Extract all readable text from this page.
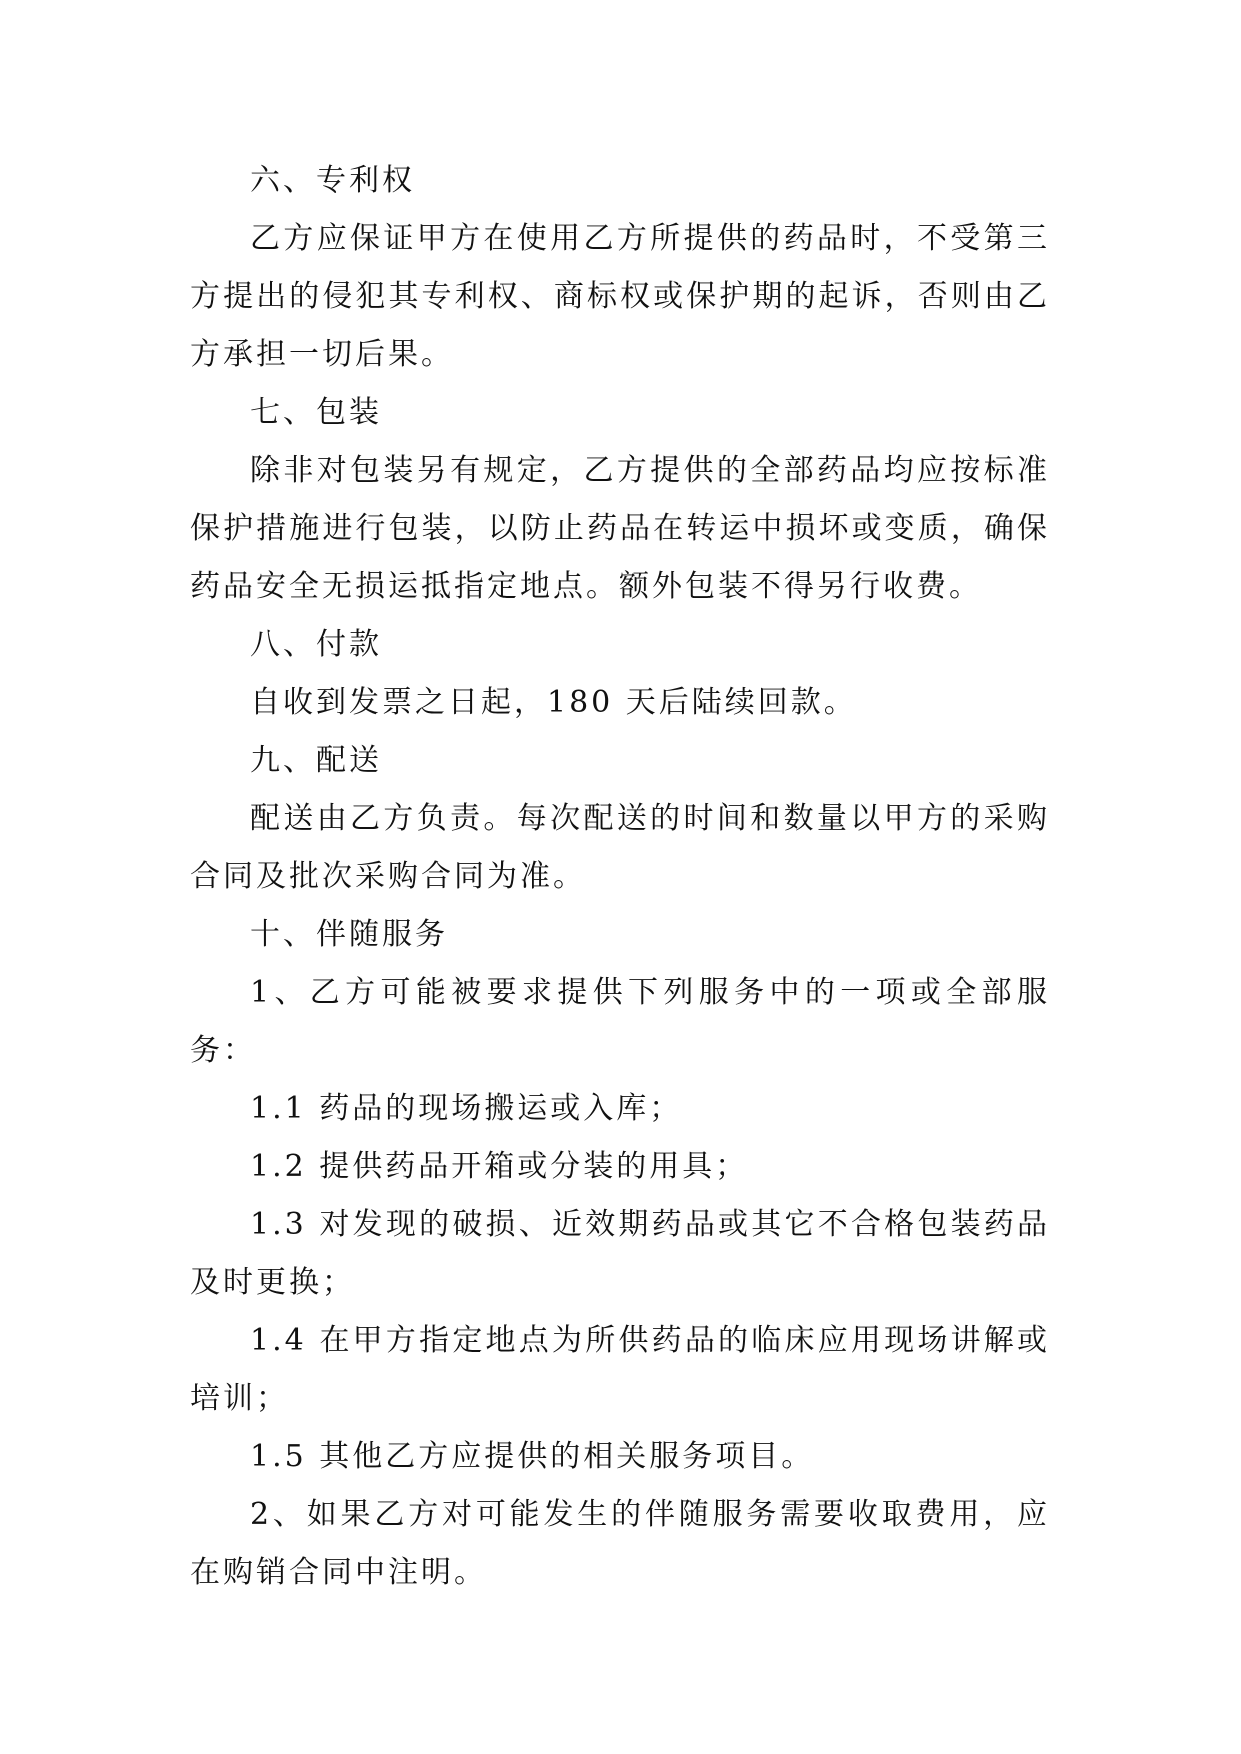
六、专利权

乙方应保证甲方在使用乙方所提供的药品时，不受第三方提出的侵犯其专利权、商标权或保护期的起诉，否则由乙方承担一切后果。

七、包装

除非对包装另有规定，乙方提供的全部药品均应按标准保护措施进行包装，以防止药品在转运中损坏或变质，确保药品安全无损运抵指定地点。额外包装不得另行收费。

八、付款

自收到发票之日起，180 天后陆续回款。

九、配送

配送由乙方负责。每次配送的时间和数量以甲方的采购合同及批次采购合同为准。

十、伴随服务

1、乙方可能被要求提供下列服务中的一项或全部服务：

1.1 药品的现场搬运或入库；

1.2 提供药品开箱或分装的用具；

1.3 对发现的破损、近效期药品或其它不合格包装药品及时更换；

1.4 在甲方指定地点为所供药品的临床应用现场讲解或培训；

1.5 其他乙方应提供的相关服务项目。

2、如果乙方对可能发生的伴随服务需要收取费用，应在购销合同中注明。
